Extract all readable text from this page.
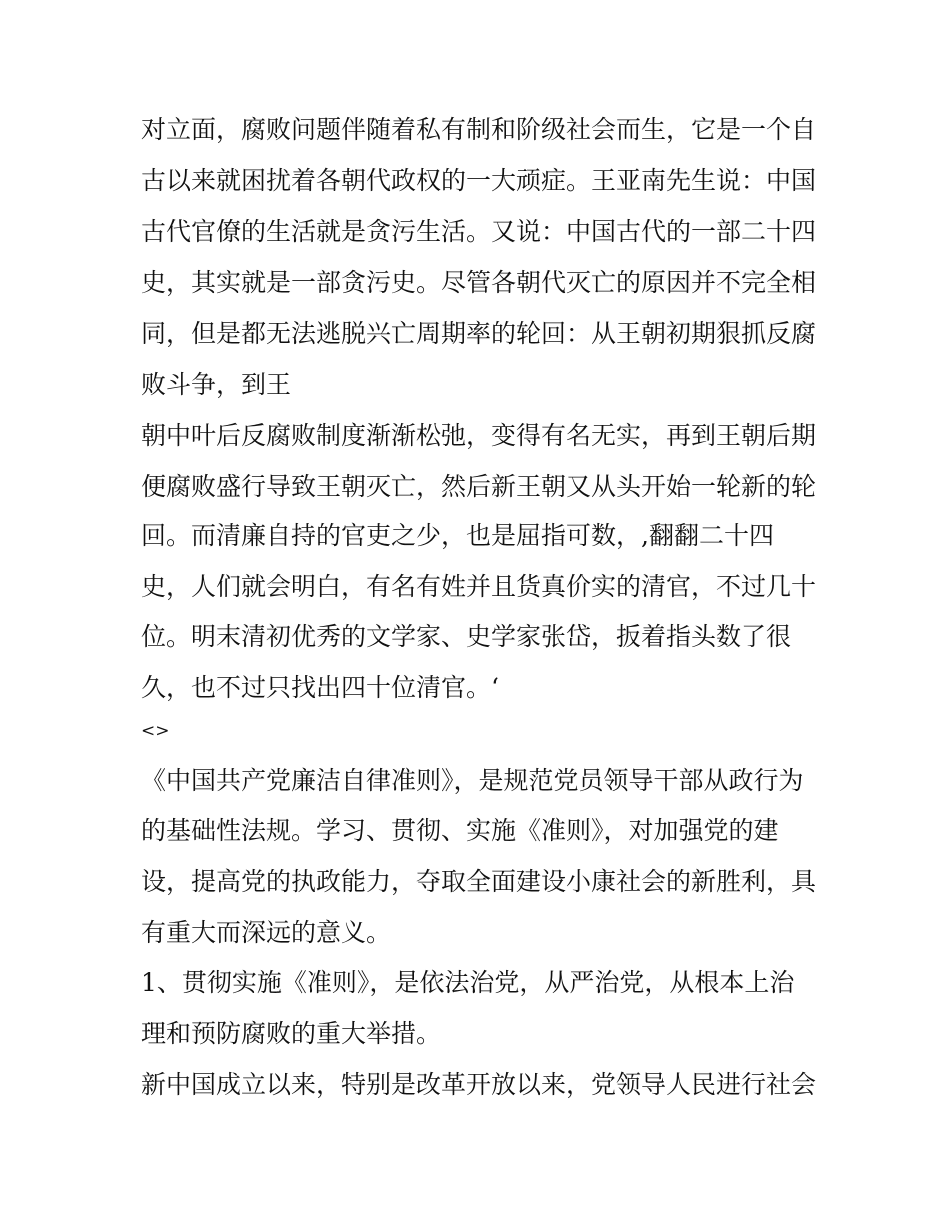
对立面，腐败问题伴随着私有制和阶级社会而生，它是一个自
古以来就困扰着各朝代政权的一大顽症。王亚南先生说：中国
古代官僚的生活就是贪污生活。又说：中国古代的一部二十四
史，其实就是一部贪污史。尽管各朝代灭亡的原因并不完全相
同，但是都无法逃脱兴亡周期率的轮回：从王朝初期狠抓反腐
败斗争，到王
朝中叶后反腐败制度渐渐松弛，变得有名无实，再到王朝后期
便腐败盛行导致王朝灭亡，然后新王朝又从头开始一轮新的轮
回。而清廉自持的官吏之少，也是屈指可数，,翻翻二十四
史，人们就会明白，有名有姓并且货真价实的清官，不过几十
位。明末清初优秀的文学家、史学家张岱，扳着指头数了很
久，也不过只找出四十位清官。‘
<>
《中国共产党廉洁自律准则》，是规范党员领导干部从政行为
的基础性法规。学习、贯彻、实施《准则》，对加强党的建
设，提高党的执政能力，夺取全面建设小康社会的新胜利，具
有重大而深远的意义。
1、贯彻实施《准则》，是依法治党，从严治党，从根本上治
理和预防腐败的重大举措。
新中国成立以来，特别是改革开放以来，党领导人民进行社会
